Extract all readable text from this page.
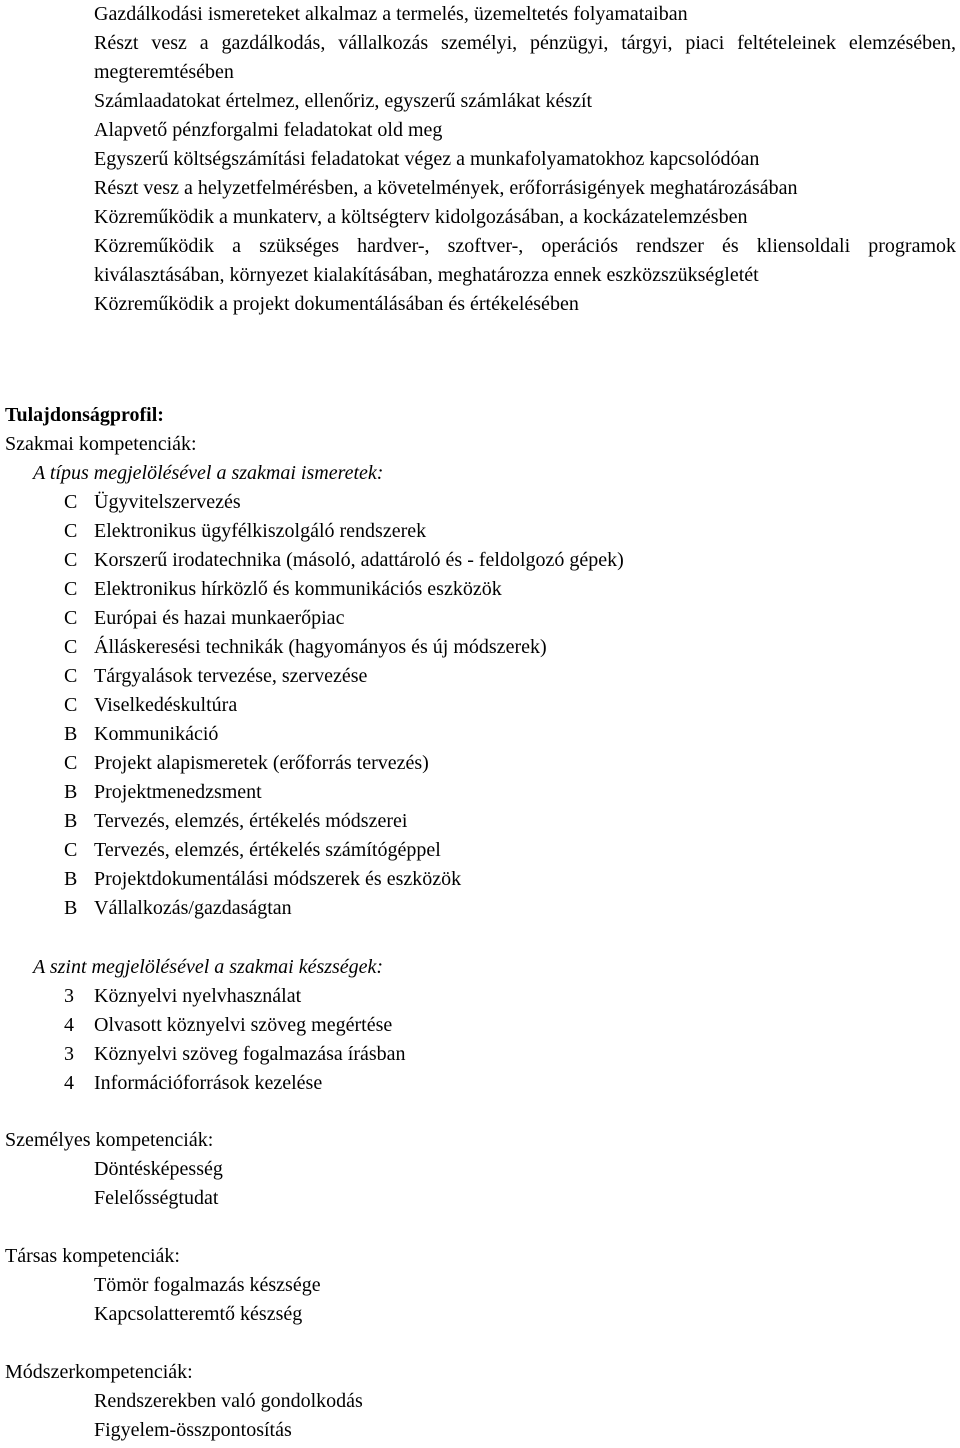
Gazdálkodási ismereteket alkalmaz a termelés, üzemeltetés folyamataiban
Részt vesz a gazdálkodás, vállalkozás személyi, pénzügyi, tárgyi, piaci feltételeinek elemzésében, megteremtésében
Számlaadatokat értelmez, ellenőriz, egyszerű számlákat készít
Alapvető pénzforgalmi feladatokat old meg
Egyszerű költségszámítási feladatokat végez a munkafolyamatokhoz kapcsolódóan
Részt vesz a helyzetfelmérésben, a követelmények, erőforrásigények meghatározásában
Közreműködik a munkaterv, a költségterv kidolgozásában, a kockázatelemzésben
Közreműködik a szükséges hardver-, szoftver-, operációs rendszer és kliensoldali programok kiválasztásában, környezet kialakításában, meghatározza ennek eszközszükségletét
Közreműködik a projekt dokumentálásában és értékelésében
Tulajdonságprofil:
Szakmai kompetenciák:
A típus megjelölésével a szakmai ismeretek:
C Ügyvitelszervezés
C Elektronikus ügyfélkiszolgáló rendszerek
C Korszerű irodatechnika (másoló, adattároló és - feldolgozó gépek)
C Elektronikus hírközlő és kommunikációs eszközök
C Európai és hazai munkaerőpiac
C Álláskeresési technikák (hagyományos és új módszerek)
C Tárgyalások tervezése, szervezése
C Viselkedéskultúra
B Kommunikáció
C Projekt alapismeretek (erőforrás tervezés)
B Projektmenedzsment
B Tervezés, elemzés, értékelés módszerei
C Tervezés, elemzés, értékelés számítógéppel
B Projektdokumentálási módszerek és eszközök
B Vállalkozás/gazdaságtan
A szint megjelölésével a szakmai készségek:
3 Köznyelvi nyelvhasználat
4 Olvasott köznyelvi szöveg megértése
3 Köznyelvi szöveg fogalmazása írásban
4 Információforrások kezelése
Személyes kompetenciák:
Döntésképesség
Felelősségtudat
Társas kompetenciák:
Tömör fogalmazás készsége
Kapcsolatteremtő készség
Módszerkompetenciák:
Rendszerekben való gondolkodás
Figyelem-összpontosítás
